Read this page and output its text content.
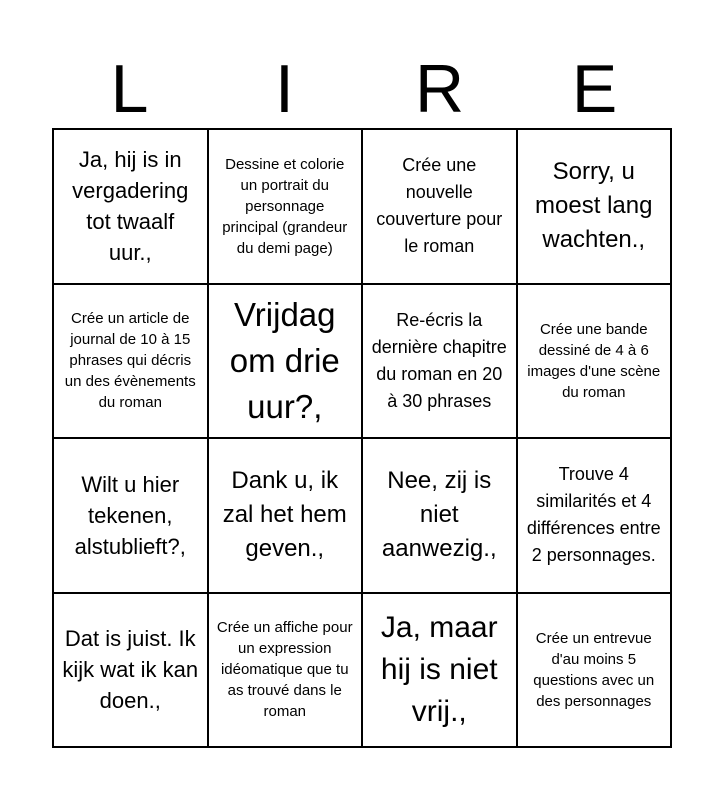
L	I	R	E
Ja, hij is in vergadering tot twaalf uur.,
Dessine et colorie un portrait du personnage principal (grandeur du demi page)
Crée une nouvelle couverture pour le roman
Sorry, u moest lang wachten.,
Crée un article de journal de 10 à 15 phrases qui décris un des évènements du roman
Vrijdag om drie uur?,
Re-écris la dernière chapitre du roman en 20 à 30 phrases
Crée une bande dessiné de 4 à 6 images d'une scène du roman
Wilt u hier tekenen, alstublieft?,
Dank u, ik zal het hem geven.,
Nee, zij is niet aanwezig.,
Trouve 4 similarités et 4 différences entre 2 personnages.
Dat is juist. Ik kijk wat ik kan doen.,
Crée un affiche pour un expression idéomatique que tu as trouvé dans le roman
Ja, maar hij is niet vrij.,
Crée un entrevue d'au moins 5 questions avec un des personnages
